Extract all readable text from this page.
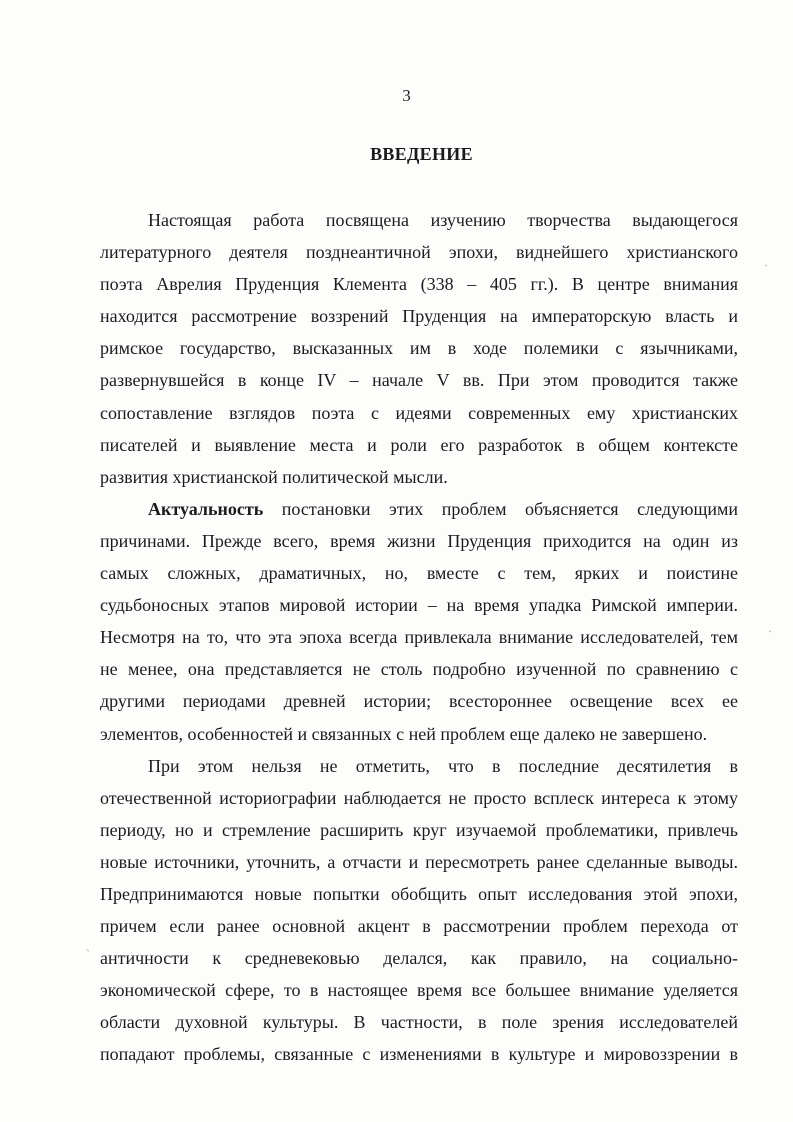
3
ВВЕДЕНИЕ
Настоящая работа посвящена изучению творчества выдающегося
литературного деятеля позднеантичной эпохи, виднейшего христианского
поэта Аврелия Пруденция Клемента (338 – 405 гг.). В центре внимания
находится рассмотрение воззрений Пруденция на императорскую власть и
римское государство, высказанных им в ходе полемики с язычниками,
развернувшейся в конце IV – начале V вв. При этом проводится также
сопоставление взглядов поэта с идеями современных ему христианских
писателей и выявление места и роли его разработок в общем контексте
развития христианской политической мысли.
Актуальность постановки этих проблем объясняется следующими
причинами. Прежде всего, время жизни Пруденция приходится на один из
самых сложных, драматичных, но, вместе с тем, ярких и поистине
судьбоносных этапов мировой истории – на время упадка Римской империи.
Несмотря на то, что эта эпоха всегда привлекала внимание исследователей, тем
не менее, она представляется не столь подробно изученной по сравнению с
другими периодами древней истории; всестороннее освещение всех ее
элементов, особенностей и связанных с ней проблем еще далеко не завершено.
При этом нельзя не отметить, что в последние десятилетия в
отечественной историографии наблюдается не просто всплеск интереса к этому
периоду, но и стремление расширить круг изучаемой проблематики, привлечь
новые источники, уточнить, а отчасти и пересмотреть ранее сделанные выводы.
Предпринимаются новые попытки обобщить опыт исследования этой эпохи,
причем если ранее основной акцент в рассмотрении проблем перехода от
античности к средневековью делался, как правило, на социально-
экономической сфере, то в настоящее время все большее внимание уделяется
области духовной культуры. В частности, в поле зрения исследователей
попадают проблемы, связанные с изменениями в культуре и мировоззрении в
ˊ
ˋ
ˏ
